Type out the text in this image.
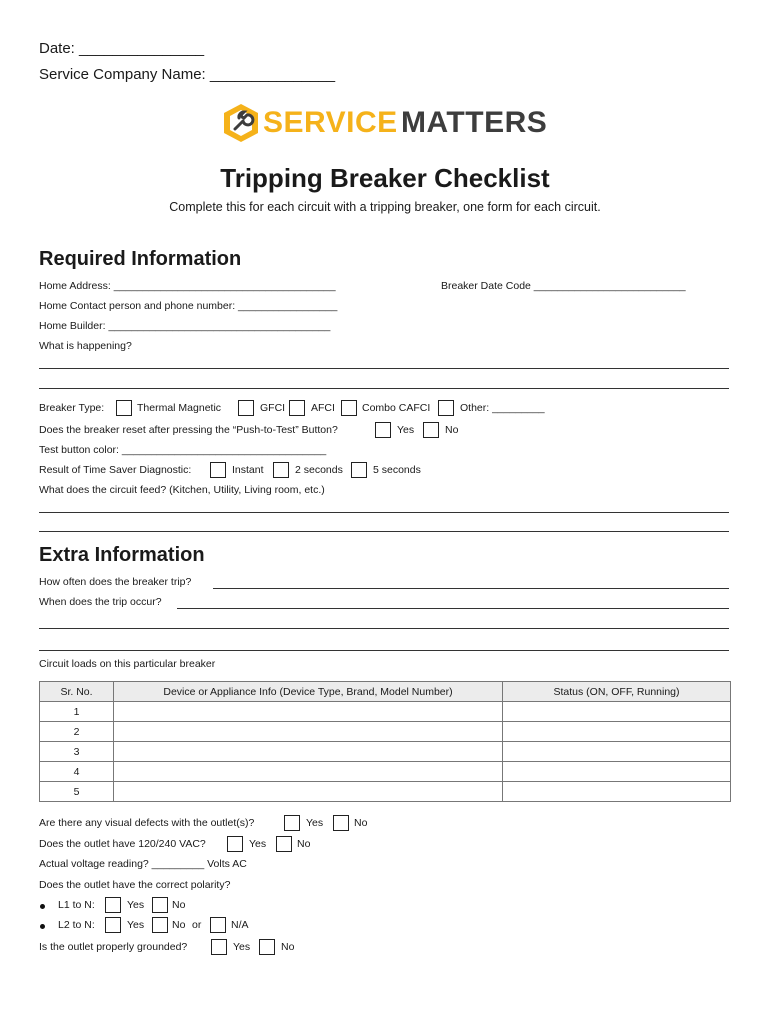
Date: _______________
Service Company Name: _______________
SERVICE MATTERS
Tripping Breaker Checklist
Complete this for each circuit with a tripping breaker, one form for each circuit.
Required Information
Home Address: ______________________________________	Breaker Date Code __________________________
Home Contact person and phone number: _________________
Home Builder: ______________________________________
What is happening?
Breaker Type:	Thermal Magnetic	GFCI AFCI	Combo CAFCI	Other: _________
Does the breaker reset after pressing the “Push-to-Test” Button?	Yes	No
Test button color: ___________________________________
Result of Time Saver Diagnostic:	Instant	2 seconds	5 seconds
What does the circuit feed? (Kitchen, Utility, Living room, etc.)
Extra Information
How often does the breaker trip?
When does the trip occur?
Circuit loads on this particular breaker
Sr. No.	Device or Appliance Info (Device Type, Brand, Model Number)	Status (ON, OFF, Running)
1		
2		
3		
4		
5		
Are there any visual defects with the outlet(s)?	Yes	No
Does the outlet have 120/240 VAC?	Yes	No
Actual voltage reading? _________ Volts AC
Does the outlet have the correct polarity?
L1 to N:	Yes	No
L2 to N:	Yes	No or	N/A
Is the outlet properly grounded?	Yes	No
